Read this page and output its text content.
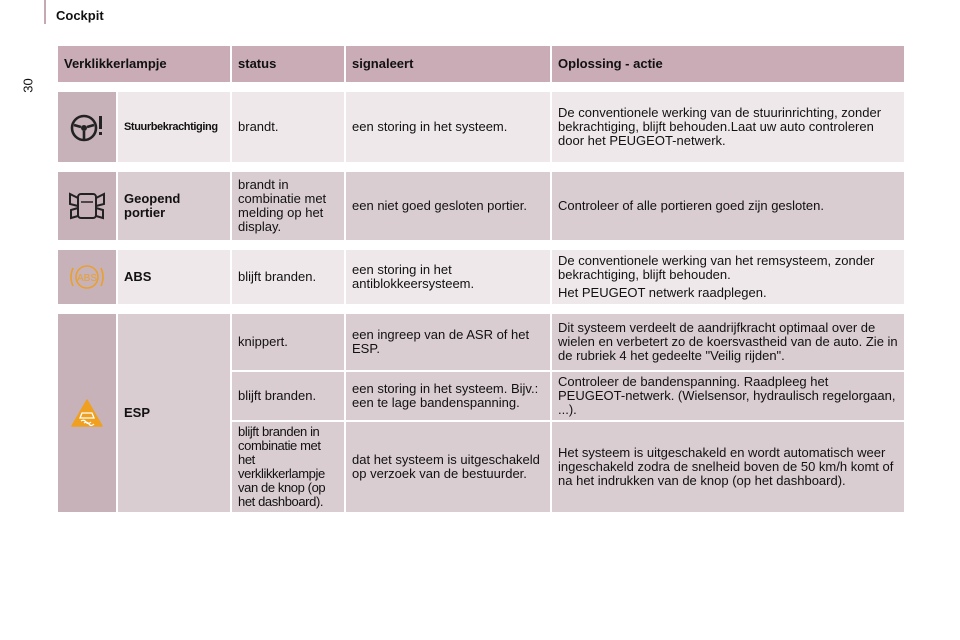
Cockpit
30
Verklikkerlampje		status	signaleert	Oplossing - actie

	Stuurbekrachtiging	brandt.	een storing in het systeem.	De conventionele werking van de stuurinrichting, zonder bekrachtiging, blijft behouden.Laat uw auto controleren door het PEUGEOT-netwerk.

	Geopend portier	brandt in combinatie met melding op het display.	een niet goed gesloten portier.	Controleer of alle portieren goed zijn gesloten.

ABS	ABS	blijft branden.	een storing in het antiblokkeersysteem.	De conventionele werking van het remsysteem, zonder bekrachtiging, blijft behouden.

Het PEUGEOT netwerk raadplegen.

	ESP	knippert.	een ingreep van de ASR of het ESP.	Dit systeem verdeelt de aandrijfkracht optimaal over de wielen en verbetert zo de koersvastheid van de auto. Zie in de rubriek 4 het gedeelte "Veilig rijden".
		blijft branden.	een storing in het systeem. Bijv.: een te lage bandenspanning.	Controleer de bandenspanning. Raadpleeg het PEUGEOT-netwerk. (Wielsensor, hydraulisch regelorgaan, ...).
		blijft branden in combinatie met het verklikkerlampje van de knop (op het dashboard).	dat het systeem is uitgeschakeld op verzoek van de bestuurder.	Het systeem is uitgeschakeld en wordt automatisch weer ingeschakeld zodra de snelheid boven de 50 km/h komt of na het indrukken van de knop (op het dashboard).
